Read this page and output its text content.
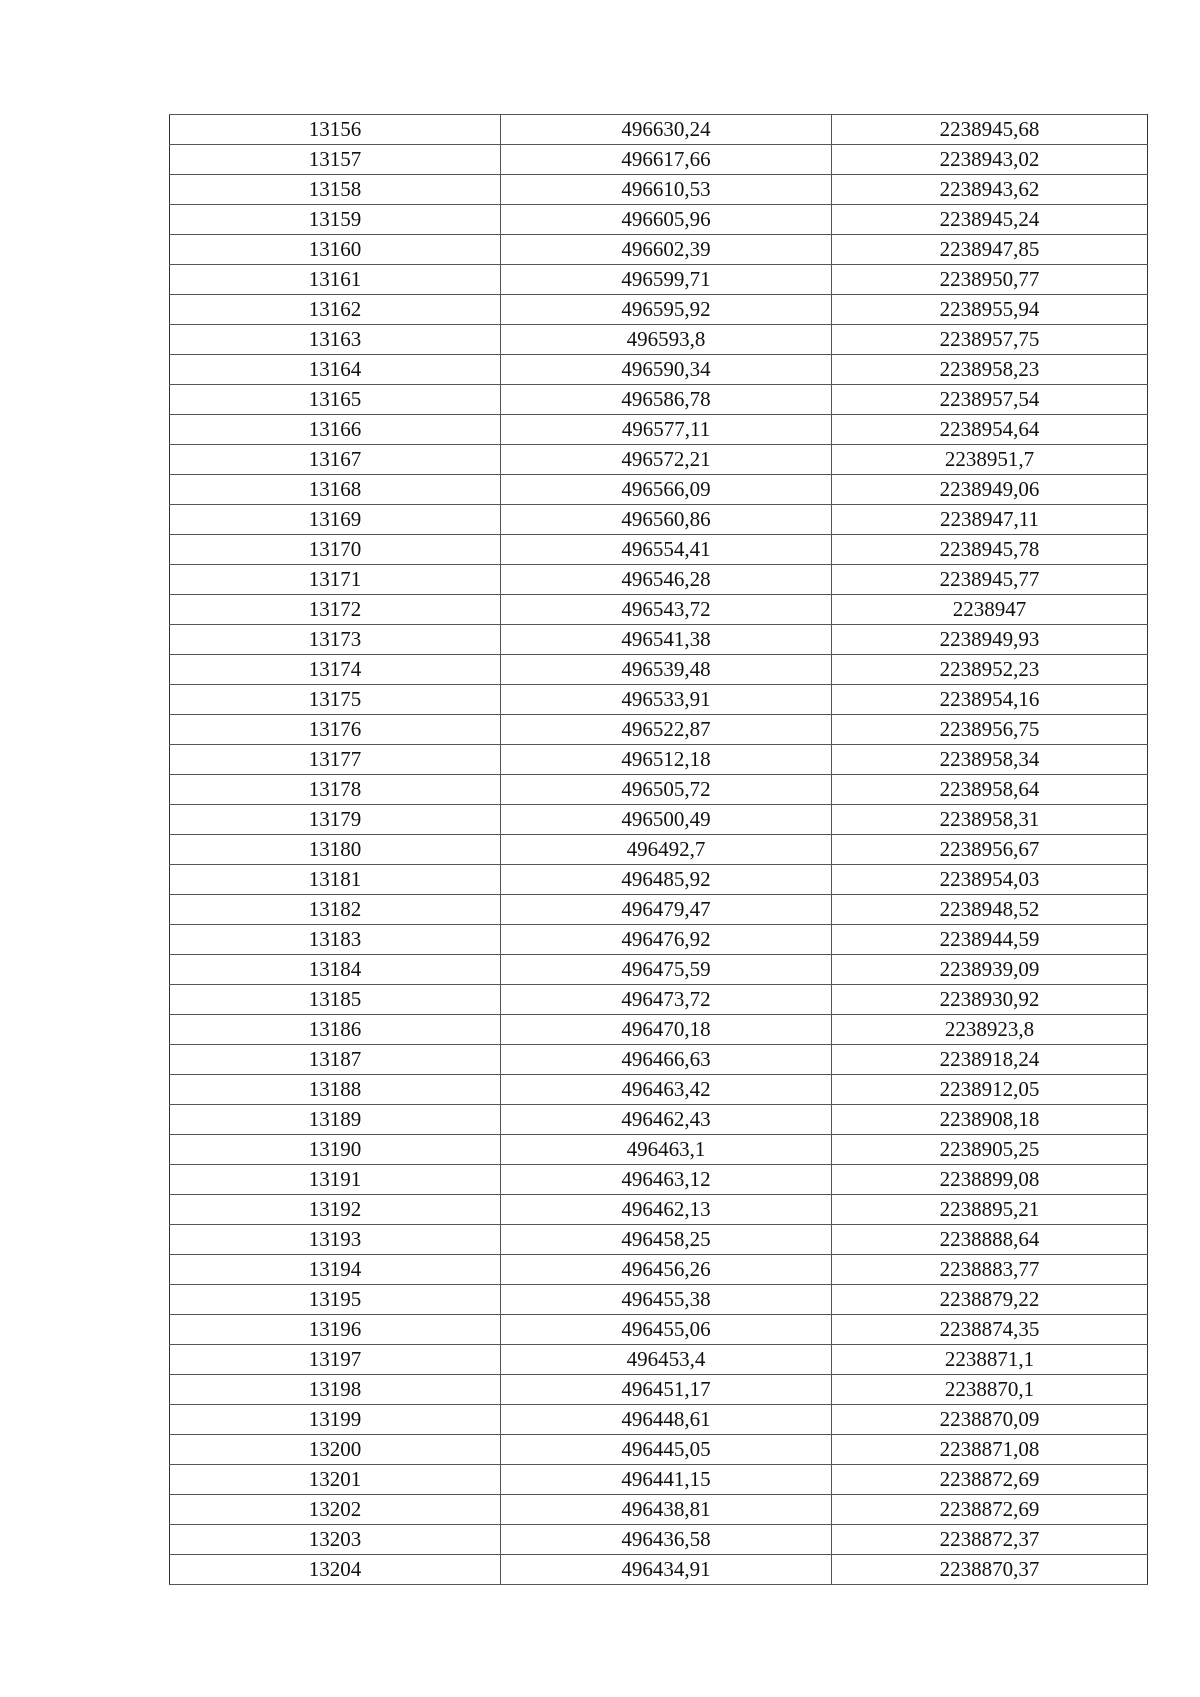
13156	496630,24	2238945,68
13157	496617,66	2238943,02
13158	496610,53	2238943,62
13159	496605,96	2238945,24
13160	496602,39	2238947,85
13161	496599,71	2238950,77
13162	496595,92	2238955,94
13163	496593,8	2238957,75
13164	496590,34	2238958,23
13165	496586,78	2238957,54
13166	496577,11	2238954,64
13167	496572,21	2238951,7
13168	496566,09	2238949,06
13169	496560,86	2238947,11
13170	496554,41	2238945,78
13171	496546,28	2238945,77
13172	496543,72	2238947
13173	496541,38	2238949,93
13174	496539,48	2238952,23
13175	496533,91	2238954,16
13176	496522,87	2238956,75
13177	496512,18	2238958,34
13178	496505,72	2238958,64
13179	496500,49	2238958,31
13180	496492,7	2238956,67
13181	496485,92	2238954,03
13182	496479,47	2238948,52
13183	496476,92	2238944,59
13184	496475,59	2238939,09
13185	496473,72	2238930,92
13186	496470,18	2238923,8
13187	496466,63	2238918,24
13188	496463,42	2238912,05
13189	496462,43	2238908,18
13190	496463,1	2238905,25
13191	496463,12	2238899,08
13192	496462,13	2238895,21
13193	496458,25	2238888,64
13194	496456,26	2238883,77
13195	496455,38	2238879,22
13196	496455,06	2238874,35
13197	496453,4	2238871,1
13198	496451,17	2238870,1
13199	496448,61	2238870,09
13200	496445,05	2238871,08
13201	496441,15	2238872,69
13202	496438,81	2238872,69
13203	496436,58	2238872,37
13204	496434,91	2238870,37
